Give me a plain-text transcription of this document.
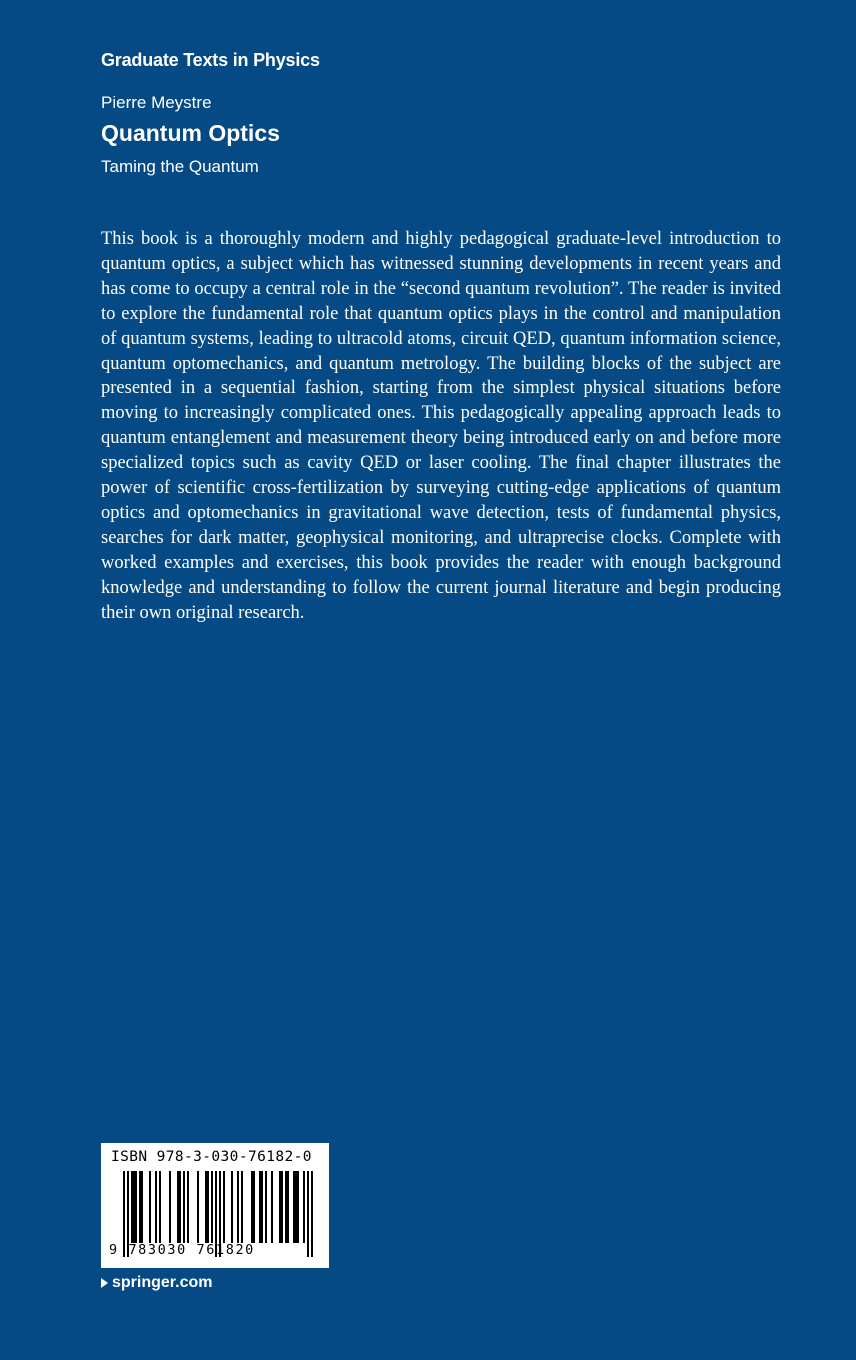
Graduate Texts in Physics
Pierre Meystre
Quantum Optics
Taming the Quantum

This book is a thoroughly modern and highly pedagogical graduate-level introduction to quantum optics, a subject which has witnessed stunning developments in recent years and has come to occupy a central role in the “second quantum revolution”. The reader is invited to explore the fundamental role that quantum optics plays in the control and manipulation of quantum systems, leading to ultracold atoms, circuit QED, quantum information science, quantum optomechanics, and quantum metrology. The building blocks of the subject are presented in a sequential fashion, starting from the simplest physical situations before moving to increasingly complicated ones. This pedagogically appealing approach leads to quantum entanglement and measurement theory being introduced early on and before more specialized topics such as cavity QED or laser cooling. The final chapter illustrates the power of scientific cross-fertilization by surveying cutting-edge applications of quantum optics and optomechanics in gravitational wave detection, tests of fundamental physics, searches for dark matter, geophysical monitoring, and ultraprecise clocks. Complete with worked examples and exercises, this book provides the reader with enough background knowledge and understanding to follow the current journal literature and begin producing their own original research.

ISBN 978-3-030-76182-0
9 783030 761820
springer.com
